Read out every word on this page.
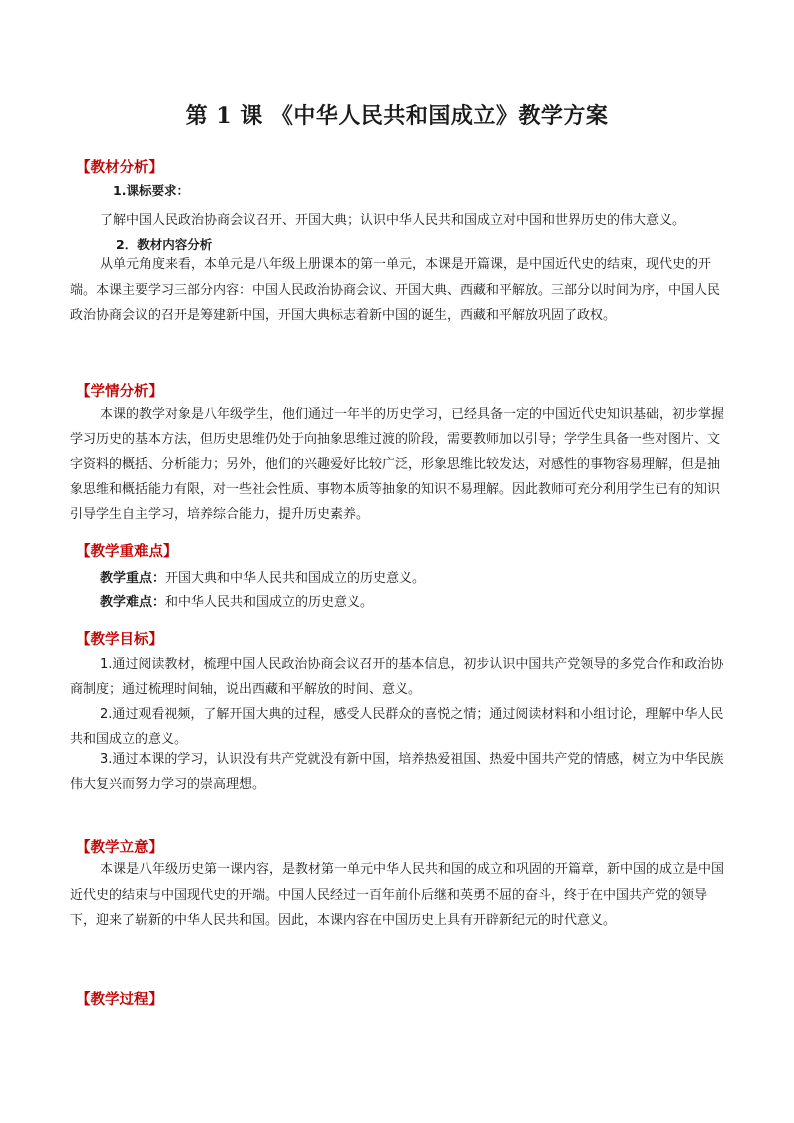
第 1 课 《中华人民共和国成立》教学方案
【教材分析】
1.课标要求：
了解中国人民政治协商会议召开、开国大典；认识中华人民共和国成立对中国和世界历史的伟大意义。
2．教材内容分析
从单元角度来看，本单元是八年级上册课本的第一单元，本课是开篇课，是中国近代史的结束，现代史的开端。本课主要学习三部分内容：中国人民政治协商会议、开国大典、西藏和平解放。三部分以时间为序，中国人民政治协商会议的召开是筹建新中国，开国大典标志着新中国的诞生，西藏和平解放巩固了政权。
【学情分析】
本课的教学对象是八年级学生，他们通过一年半的历史学习，已经具备一定的中国近代史知识基础，初步掌握学习历史的基本方法，但历史思维仍处于向抽象思维过渡的阶段，需要教师加以引导；学学生具备一些对图片、文字资料的概括、分析能力；另外，他们的兴趣爱好比较广泛，形象思维比较发达，对感性的事物容易理解，但是抽象思维和概括能力有限，对一些社会性质、事物本质等抽象的知识不易理解。因此教师可充分利用学生已有的知识引导学生自主学习，培养综合能力，提升历史素养。
【教学重难点】
教学重点：开国大典和中华人民共和国成立的历史意义。
教学难点：和中华人民共和国成立的历史意义。
【教学目标】
1.通过阅读教材，梳理中国人民政治协商会议召开的基本信息，初步认识中国共产党领导的多党合作和政治协商制度；通过梳理时间轴，说出西藏和平解放的时间、意义。
2.通过观看视频，了解开国大典的过程，感受人民群众的喜悦之情；通过阅读材料和小组讨论，理解中华人民共和国成立的意义。
3.通过本课的学习，认识没有共产党就没有新中国，培养热爱祖国、热爱中国共产党的情感，树立为中华民族伟大复兴而努力学习的崇高理想。
【教学立意】
本课是八年级历史第一课内容，是教材第一单元中华人民共和国的成立和巩固的开篇章，新中国的成立是中国近代史的结束与中国现代史的开端。中国人民经过一百年前仆后继和英勇不屈的奋斗，终于在中国共产党的领导下，迎来了崭新的中华人民共和国。因此，本课内容在中国历史上具有开辟新纪元的时代意义。
【教学过程】
